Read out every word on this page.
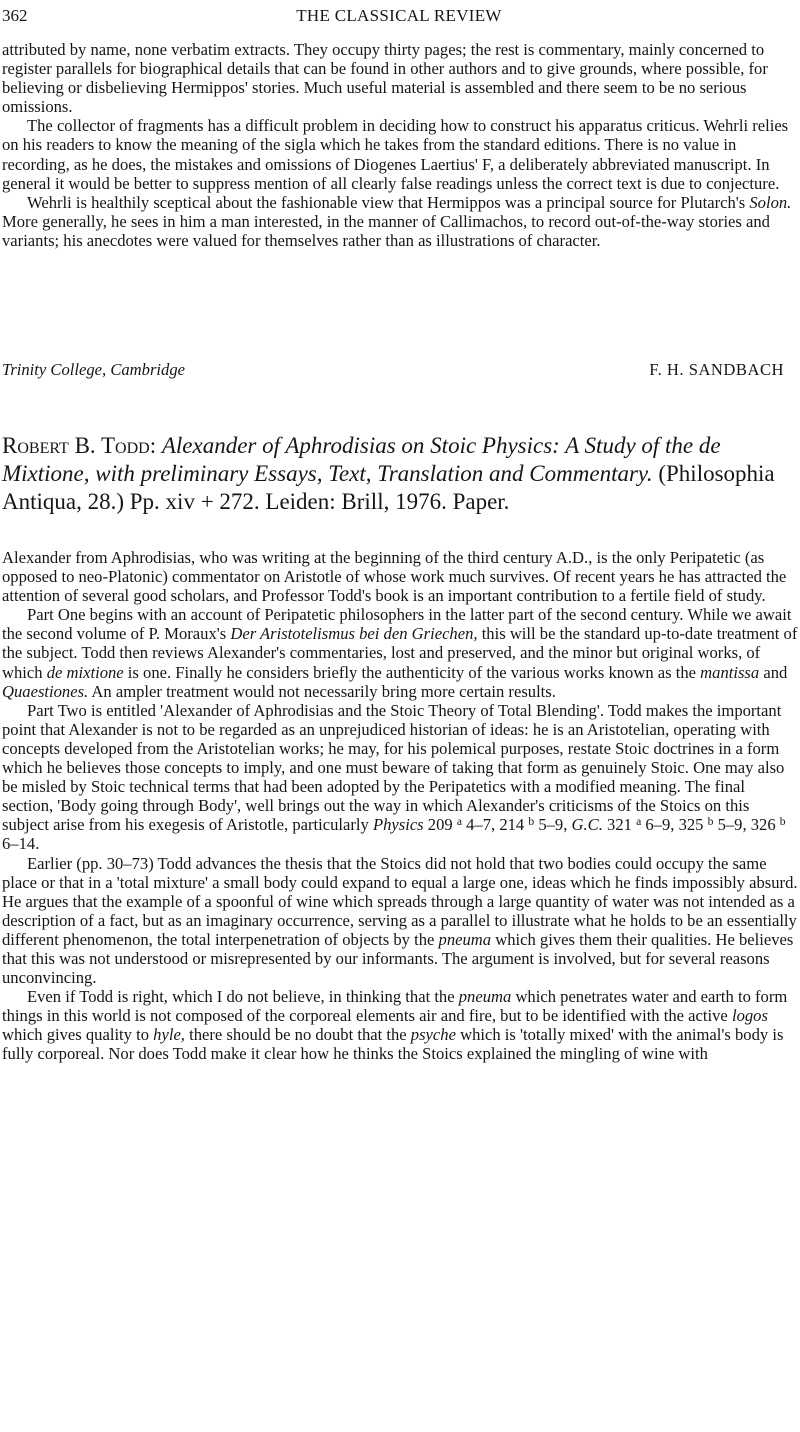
362	THE CLASSICAL REVIEW

attributed by name, none verbatim extracts. They occupy thirty pages; the rest is commentary, mainly concerned to register parallels for biographical details that can be found in other authors and to give grounds, where possible, for believing or disbelieving Hermippos' stories. Much useful material is assembled and there seem to be no serious omissions.

The collector of fragments has a difficult problem in deciding how to construct his apparatus criticus. Wehrli relies on his readers to know the meaning of the sigla which he takes from the standard editions. There is no value in recording, as he does, the mistakes and omissions of Diogenes Laertius' F, a deliberately abbreviated manuscript. In general it would be better to suppress mention of all clearly false readings unless the correct text is due to conjecture.

Wehrli is healthily sceptical about the fashionable view that Hermippos was a principal source for Plutarch's Solon. More generally, he sees in him a man interested, in the manner of Callimachos, to record out-of-the-way stories and variants; his anecdotes were valued for themselves rather than as illustrations of character.

Trinity College, Cambridge	F. H. SANDBACH
Robert B. Todd: Alexander of Aphrodisias on Stoic Physics: A Study of the de Mixtione, with preliminary Essays, Text, Translation and Commentary. (Philosophia Antiqua, 28.) Pp. xiv + 272. Leiden: Brill, 1976. Paper.

Alexander from Aphrodisias, who was writing at the beginning of the third century A.D., is the only Peripatetic (as opposed to neo-Platonic) commentator on Aristotle of whose work much survives. Of recent years he has attracted the attention of several good scholars, and Professor Todd's book is an important contribution to a fertile field of study.

Part One begins with an account of Peripatetic philosophers in the latter part of the second century. While we await the second volume of P. Moraux's Der Aristotelismus bei den Griechen, this will be the standard up-to-date treatment of the subject. Todd then reviews Alexander's commentaries, lost and preserved, and the minor but original works, of which de mixtione is one. Finally he considers briefly the authenticity of the various works known as the mantissa and Quaestiones. An ampler treatment would not necessarily bring more certain results.

Part Two is entitled 'Alexander of Aphrodisias and the Stoic Theory of Total Blending'. Todd makes the important point that Alexander is not to be regarded as an unprejudiced historian of ideas: he is an Aristotelian, operating with concepts developed from the Aristotelian works; he may, for his polemical purposes, restate Stoic doctrines in a form which he believes those concepts to imply, and one must beware of taking that form as genuinely Stoic. One may also be misled by Stoic technical terms that had been adopted by the Peripatetics with a modified meaning. The final section, 'Body going through Body', well brings out the way in which Alexander's criticisms of the Stoics on this subject arise from his exegesis of Aristotle, particularly Physics 209 $^a$ 4–7, 214 $^b$ 5–9, G.C. 321 $^a$ 6–9, 325 $^b$ 5–9, 326 $^b$ 6–14.

Earlier (pp. 30–73) Todd advances the thesis that the Stoics did not hold that two bodies could occupy the same place or that in a 'total mixture' a small body could expand to equal a large one, ideas which he finds impossibly absurd. He argues that the example of a spoonful of wine which spreads through a large quantity of water was not intended as a description of a fact, but as an imaginary occurrence, serving as a parallel to illustrate what he holds to be an essentially different phenomenon, the total interpenetration of objects by the pneuma which gives them their qualities. He believes that this was not understood or misrepresented by our informants. The argument is involved, but for several reasons unconvincing.

Even if Todd is right, which I do not believe, in thinking that the pneuma which penetrates water and earth to form things in this world is not composed of the corporeal elements air and fire, but to be identified with the active logos which gives quality to hyle, there should be no doubt that the psyche which is 'totally mixed' with the animal's body is fully corporeal. Nor does Todd make it clear how he thinks the Stoics explained the mingling of wine with
